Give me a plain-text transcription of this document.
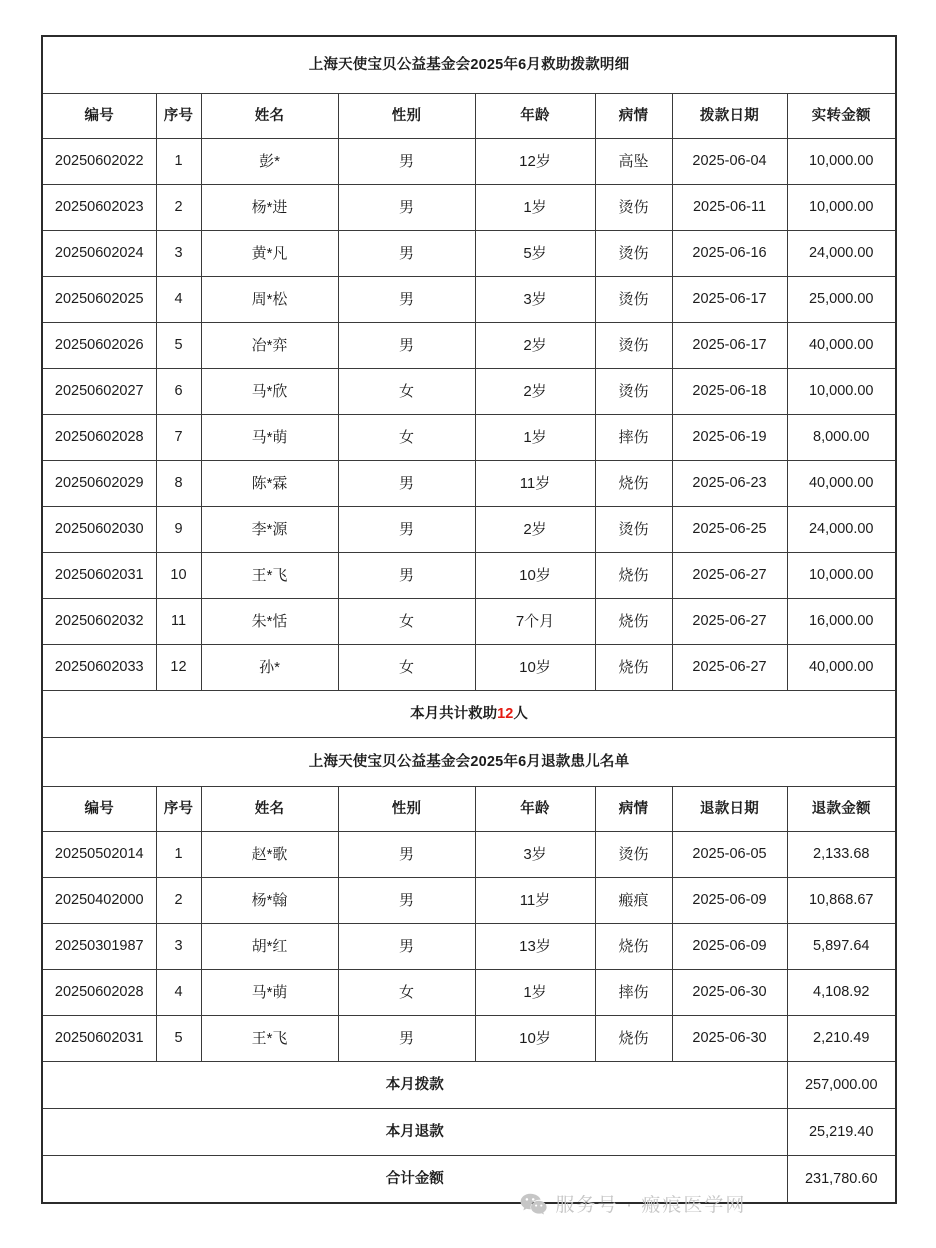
上海天使宝贝公益基金会2025年6月救助拨款明细							
编号	序号	姓名	性别	年龄	病情	拨款日期	实转金额
20250602022	1	彭*	男	12岁	高坠	2025-06-04	10,000.00
20250602023	2	杨*进	男	1岁	烫伤	2025-06-11	10,000.00
20250602024	3	黄*凡	男	5岁	烫伤	2025-06-16	24,000.00
20250602025	4	周*松	男	3岁	烫伤	2025-06-17	25,000.00
20250602026	5	冶*弈	男	2岁	烫伤	2025-06-17	40,000.00
20250602027	6	马*欣	女	2岁	烫伤	2025-06-18	10,000.00
20250602028	7	马*萌	女	1岁	摔伤	2025-06-19	8,000.00
20250602029	8	陈*霖	男	11岁	烧伤	2025-06-23	40,000.00
20250602030	9	李*源	男	2岁	烫伤	2025-06-25	24,000.00
20250602031	10	王*飞	男	10岁	烧伤	2025-06-27	10,000.00
20250602032	11	朱*恬	女	7个月	烧伤	2025-06-27	16,000.00
20250602033	12	孙*	女	10岁	烧伤	2025-06-27	40,000.00
本月共计救助12人							
上海天使宝贝公益基金会2025年6月退款患儿名单							
编号	序号	姓名	性别	年龄	病情	退款日期	退款金额
20250502014	1	赵*歌	男	3岁	烫伤	2025-06-05	2,133.68
20250402000	2	杨*翰	男	11岁	瘢痕	2025-06-09	10,868.67
20250301987	3	胡*红	男	13岁	烧伤	2025-06-09	5,897.64
20250602028	4	马*萌	女	1岁	摔伤	2025-06-30	4,108.92
20250602031	5	王*飞	男	10岁	烧伤	2025-06-30	2,210.49
本月拨款							257,000.00
本月退款							25,219.40
合计金额							231,780.60
服务号 · 瘢痕医学网
